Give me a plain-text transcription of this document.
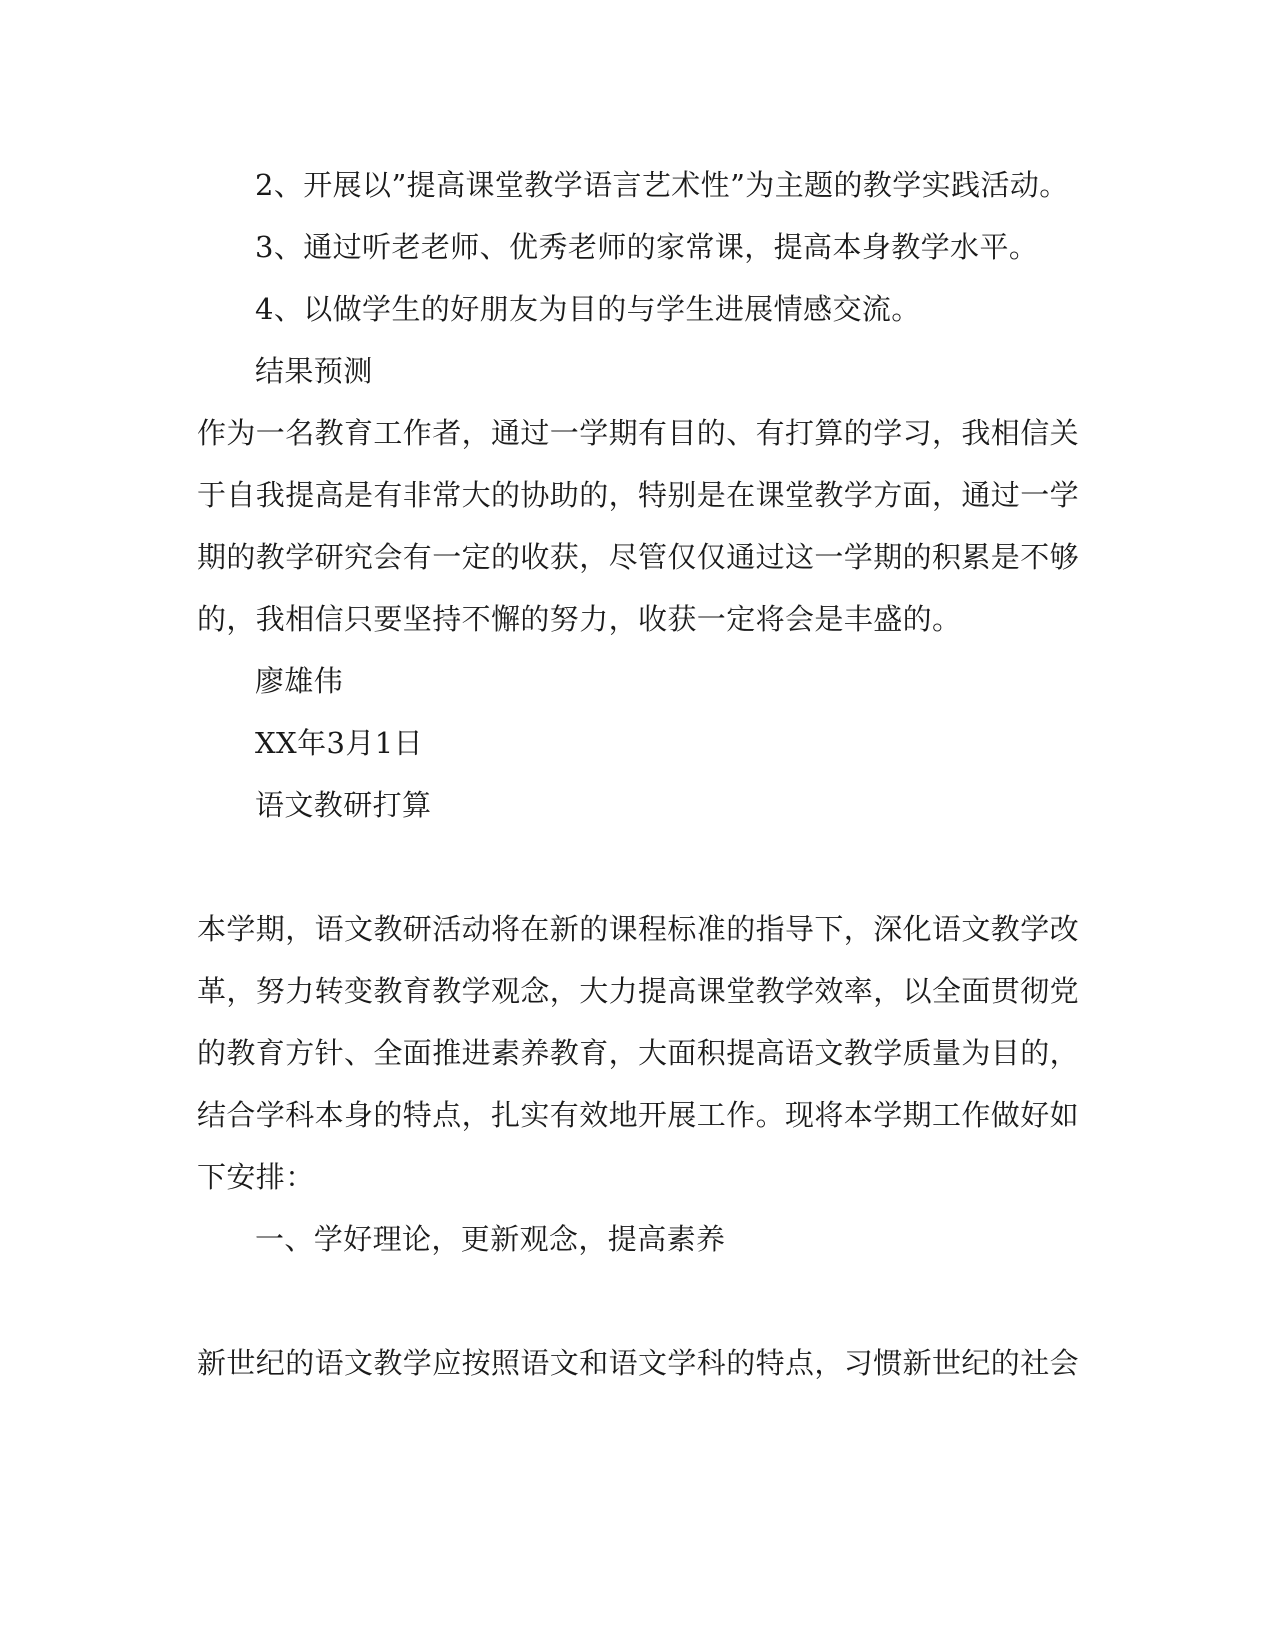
2、开展以”提高课堂教学语言艺术性”为主题的教学实践活动。
3、通过听老老师、优秀老师的家常课，提高本身教学水平。
4、以做学生的好朋友为目的与学生进展情感交流。
结果预测
作为一名教育工作者，通过一学期有目的、有打算的学习，我相信关
于自我提高是有非常大的协助的，特别是在课堂教学方面，通过一学
期的教学研究会有一定的收获，尽管仅仅通过这一学期的积累是不够
的，我相信只要坚持不懈的努力，收获一定将会是丰盛的。
廖雄伟
XX年3月1日
语文教研打算
本学期，语文教研活动将在新的课程标准的指导下，深化语文教学改
革，努力转变教育教学观念，大力提高课堂教学效率，以全面贯彻党
的教育方针、全面推进素养教育，大面积提高语文教学质量为目的，
结合学科本身的特点，扎实有效地开展工作。现将本学期工作做好如
下安排：
一、学好理论，更新观念，提高素养
新世纪的语文教学应按照语文和语文学科的特点，习惯新世纪的社会
